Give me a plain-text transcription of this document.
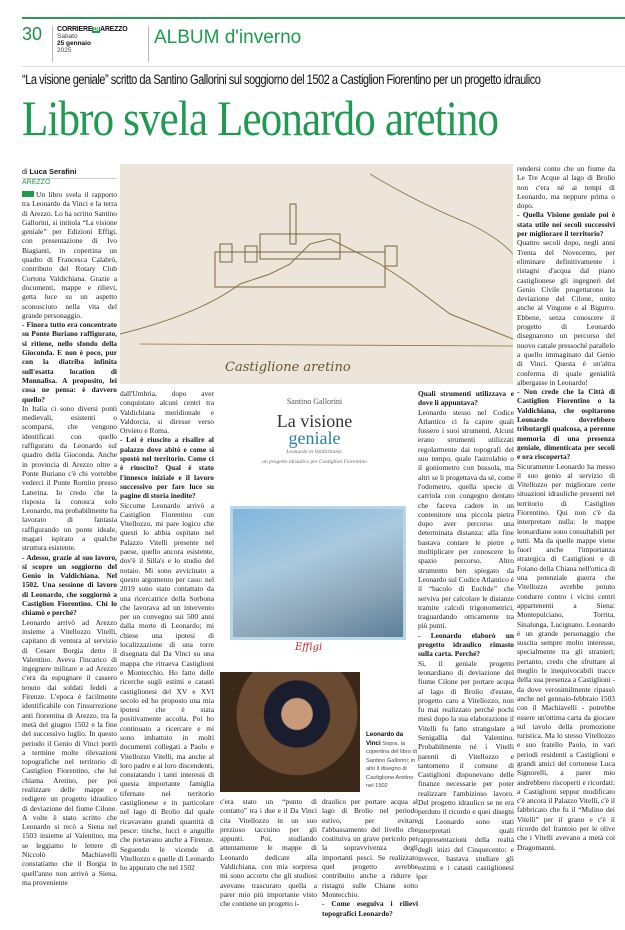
30 CORRIEREDIAREZZO
Sabato
25 gennaio
2025
ALBUM d'inverno
“La visione geniale” scritto da Santino Gallorini sul soggiorno del 1502 a Castiglion Fiorentino per un progetto idraulico
Libro svela Leonardo aretino
di Luca Serafini
AREZZO
Castiglione aretino

Un libro svela il rapporto tra Leonardo da Vinci e la terra di Arezzo. Lo ha scritto Santino Gallorini, si intitola “La visione geniale” per Edizioni Effigi, con presentazione di Ivo Biagianti, in copertina un quadro di Francesca Calabrò, contributo del Rotary Club Cortona Valdichiana. Grazie a documenti, mappe e rilievi, getta luce su un aspetto sconosciuto nella vita del grande personaggio.

- Finora tutto era concentrato su Ponte Buriano raffigurato, si ritiene, nello sfondo della Gioconda. E non è poco, pur con la diatriba infinita sull'esatta location di Monnalisa. A proposito, lei cosa ne pensa: è davvero quello?

In Italia ci sono diversi ponti medievali, esistenti o scomparsi, che vengono identificati con quello raffigurato da Leonardo sul quadro della Gioconda. Anche in provincia di Arezzo oltre a Ponte Buriano c'è chi vorrebbe vederci il Ponte Romito presso Laterina. Io credo che la risposta la conosca solo Leonardo, ma probabilmente ha lavorato di fantasia raffigurando un ponte ideale, magari ispirato a qualche struttura esistente.

- Adesso, grazie al suo lavoro, si scopre un soggiorno del Genio in Valdichiana. Nel 1502. Una sessione di lavoro di Leonardo, che soggiornò a Castiglion Fiorentino. Chi lo chiamò e perché?

Leonardo arrivò ad Arezzo insieme a Vitellozzo Vitelli, capitano di ventura al servizio di Cesare Borgia detto il Valentino. Aveva l'incarico di ingegnere militare e ad Arezzo c'era da espugnare il cassero tenuto dai soldati fedeli a Firenze. L'epoca è facilmente identificabile con l'insurrezione anti fiorentina di Arezzo, tra la metà del giugno 1502 e la fine del successivo luglio. In questo periodo il Genio di Vinci portò a termine molte rilevazioni topografiche nel territorio di Castiglion Fiorentino, che lui chiama Aretino, per poi realizzare delle mappe e redigere un progetto idraulico di deviazione del fiume Cilone. A volte è stato scritto che Leonardo si recò a Siena nel 1503 insieme al Valentino, ma se leggiamo le lettere di Niccolò Machiavelli constatiamo che il Borgia in quell'anno non arrivò a Siena, ma proveniente

dall'Umbria, dopo aver conquistato alcuni centri tra Valdichiana meridionale e Valdorcia, si diresse verso Orvieto e Roma.

- Lei è riuscito a risalire al palazzo dove abitò e come si spostò nel territorio. Come ci è riuscito? Qual è stato l'innesco iniziale e il lavoro successivo per fare luce su pagine di storia inedite?

Siccome Leonardo arrivò a Castiglion Fiorentino con Vitellozzo, mi pare logico che questi lo abbia ospitato nel Palazzo Vitelli presente nel paese, quello ancora esistente, dov'è il Silla's e lo studio del notaio. Mi sono avvicinato a questo argomento per caso: nel 2019 sono stato contattato da una ricercatrice della Sorbona che lavorava ad un intervento per un convegno sui 500 anni dalla morte di Leonardo; mi chiese una ipotesi di localizzazione di una torre disegnata dal Da Vinci su una mappa che ritraeva Castiglioni e Montecchio. Ho fatto delle ricerche sugli estimi e catasti castiglionesi del XV e XVI secolo ed ho proposto una mia ipotesi che è stata positivamente accolta. Poi ho continuato a ricercare e mi sono imbattuto in molti documenti collegati a Paolo e Vitellozzo Vitelli, ma anche al loro padre e ai loro discendenti, constatando i tanti interessi di questa importante famiglia tifernate nel territorio castiglionese e in particolare nel lago di Brolio dal quale ricavavano grandi quantità di pesce: tinche, lucci e anguille che portavano anche a Firenze. Seguendo le vicende di Vitellozzo e quelle di Leonardo ho appurato che nel 1502

Santino Gallorini
La visione
geniale
Leonardo in Valdichiana:
un progetto idraulico per Castiglion Fiorentino
Effigi
Leonardo da Vinci Sopra, la copertina del libro di Santino Gallorini; in alto il disegno di Castiglione Aretino nel 1502

c'era stato un “punto di contatto” tra i due e il Da Vinci cita Vitellozzo in un suo prezioso taccuino per gli appunti. Poi, studiando attentamente le mappe di Leonardo dedicate alla Valdichiana, con mia sorpresa mi sono accorto che gli studiosi avevano trascurato quella a parer mio più importante visto che contiene un progetto i-

draulico per portare acqua al lago di Brolio nel periodo estivo, per evitare l'abbassamento del livello che costituiva un grave pericolo per la sopravvivenza degli importanti pesci. Se realizzato quel progetto avrebbe contribuito anche a ridurre i ristagni sulle Chiane sotto Montecchio.

- Come eseguiva i rilievi topografici Leonardo?

Quali strumenti utilizzava e dove li appuntava?

Leonardo stesso nel Codice Atlantico ci fa capire quali fossero i suoi strumenti. Alcuni erano strumenti utilizzati regolarmente dai topografi del suo tempo, quale l'astrolabio o il goniometro con bussola, ma altri se li progettava da sé, come l'odometro, quella specie di carriola con congegno dentato che faceva cadere in un contenitore una piccola pietra dopo aver percorso una determinata distanza: alla fine bastava contare le pietre e moltiplicare per conoscere lo spazio percorso. Altro strumento ben spiegato da Leonardo sul Codice Atlantico è il “bacolo di Euclide” che serviva per calcolare le distanze tramite calcoli trigonometrici, traguardando otticamente tra più punti.

- Leonardo elaborò un progetto idraulico rimasto sulla carta. Perché?

Sì, il geniale progetto leonardiano di deviazione del fiume Cilone per portare acqua al lago di Brolio d'estate, progetto caro a Vitellozzo, non fu mai realizzato perché pochi mesi dopo la sua elaborazione il Vitelli fu fatto strangolare a Senigallia dal Valentino. Probabilmente né i Vitelli parenti di Vitellozzo e tantomeno il comune di Castiglioni disponevano delle finanze necessarie per poter realizzare l'ambizioso lavoro. Del progetto idraulico se ne era perduto il ricordo e quei disegni di Leonardo sono stati interpretati quali rappresentazioni della realtà degli inizi del Cinquecento: e invece, bastava studiare gli estimi e i catasti castiglionesi per

rendersi conto che un fiume da Le Tre Acque al lago di Brolio non c'era né ai tempi di Leonardo, ma neppure prima o dopo.

- Quella Visione geniale poi è stata utile nei secoli successivi per migliorare il territorio?

Quattro secoli dopo, negli anni Trenta del Novecento, per eliminare definitivamente i ristagni d'acqua dal piano castiglionese gli ingegneri del Genio Civile progettarono la deviazione del Cilone, unito anche al Vingone e al Bigurro. Ebbene, senza conoscere il progetto di Leonardo disegnarono un percorso del nuovo canale pressoché parallelo a quello immaginato dal Genio di Vinci. Questa è un'altra conferma di quale genialità albergasse in Leonardo!

- Non crede che la Città di Castiglion Fiorentino o la Valdichiana, che ospitarono Leonardo dovrebbero tributargli qualcosa, a perenne memoria di una presenza geniale, dimenticata per secoli e ora riscoperta?

Sicuramente Leonardo ha messo il suo genio al servizio di Vitellozzo per migliorare certe situazioni idrauliche presenti nel territorio di Castiglion Fiorentino. Qui non c'è da interpretare nulla: le mappe leonardiane sono consultabili per tutti. Ma da quelle mappe viene fuori anche l'importanza strategica di Castiglioni e di Foiano della Chiana nell'ottica di una potenziale guerra che Vitellozzo avrebbe potuto condurre contro i vicini centri appartenenti a Siena: Montepulciano, Torrita, Sinalunga, Lucignano. Leonardo è un grande personaggio che suscita sempre molto interesse, specialmente tra gli stranieri; pertanto, credo che sfruttare al meglio le inequivocabili tracce della sua presenza a Castiglioni - da dove verosimilmente ripassò anche nel gennaio-febbraio 1503 con il Machiavelli - potrebbe essere un'ottima carta da giocare sul tavolo della promozione turistica. Ma lo stesso Vitellozzo e suo fratello Paolo, in vari periodi residenti a Castiglioni e grandi amici del cortonese Luca Signorelli, a parer mio andrebbero riscoperti e ricordati: a Castiglioni seppur modificato c'è ancora il Palazzo Vitelli, c'è il fabbricato che fu il “Mulino dei Vitelli” per il grano e c'è il ricordo del frantoio per le olive che i Vitelli avevano a metà coi Dragomanni.
